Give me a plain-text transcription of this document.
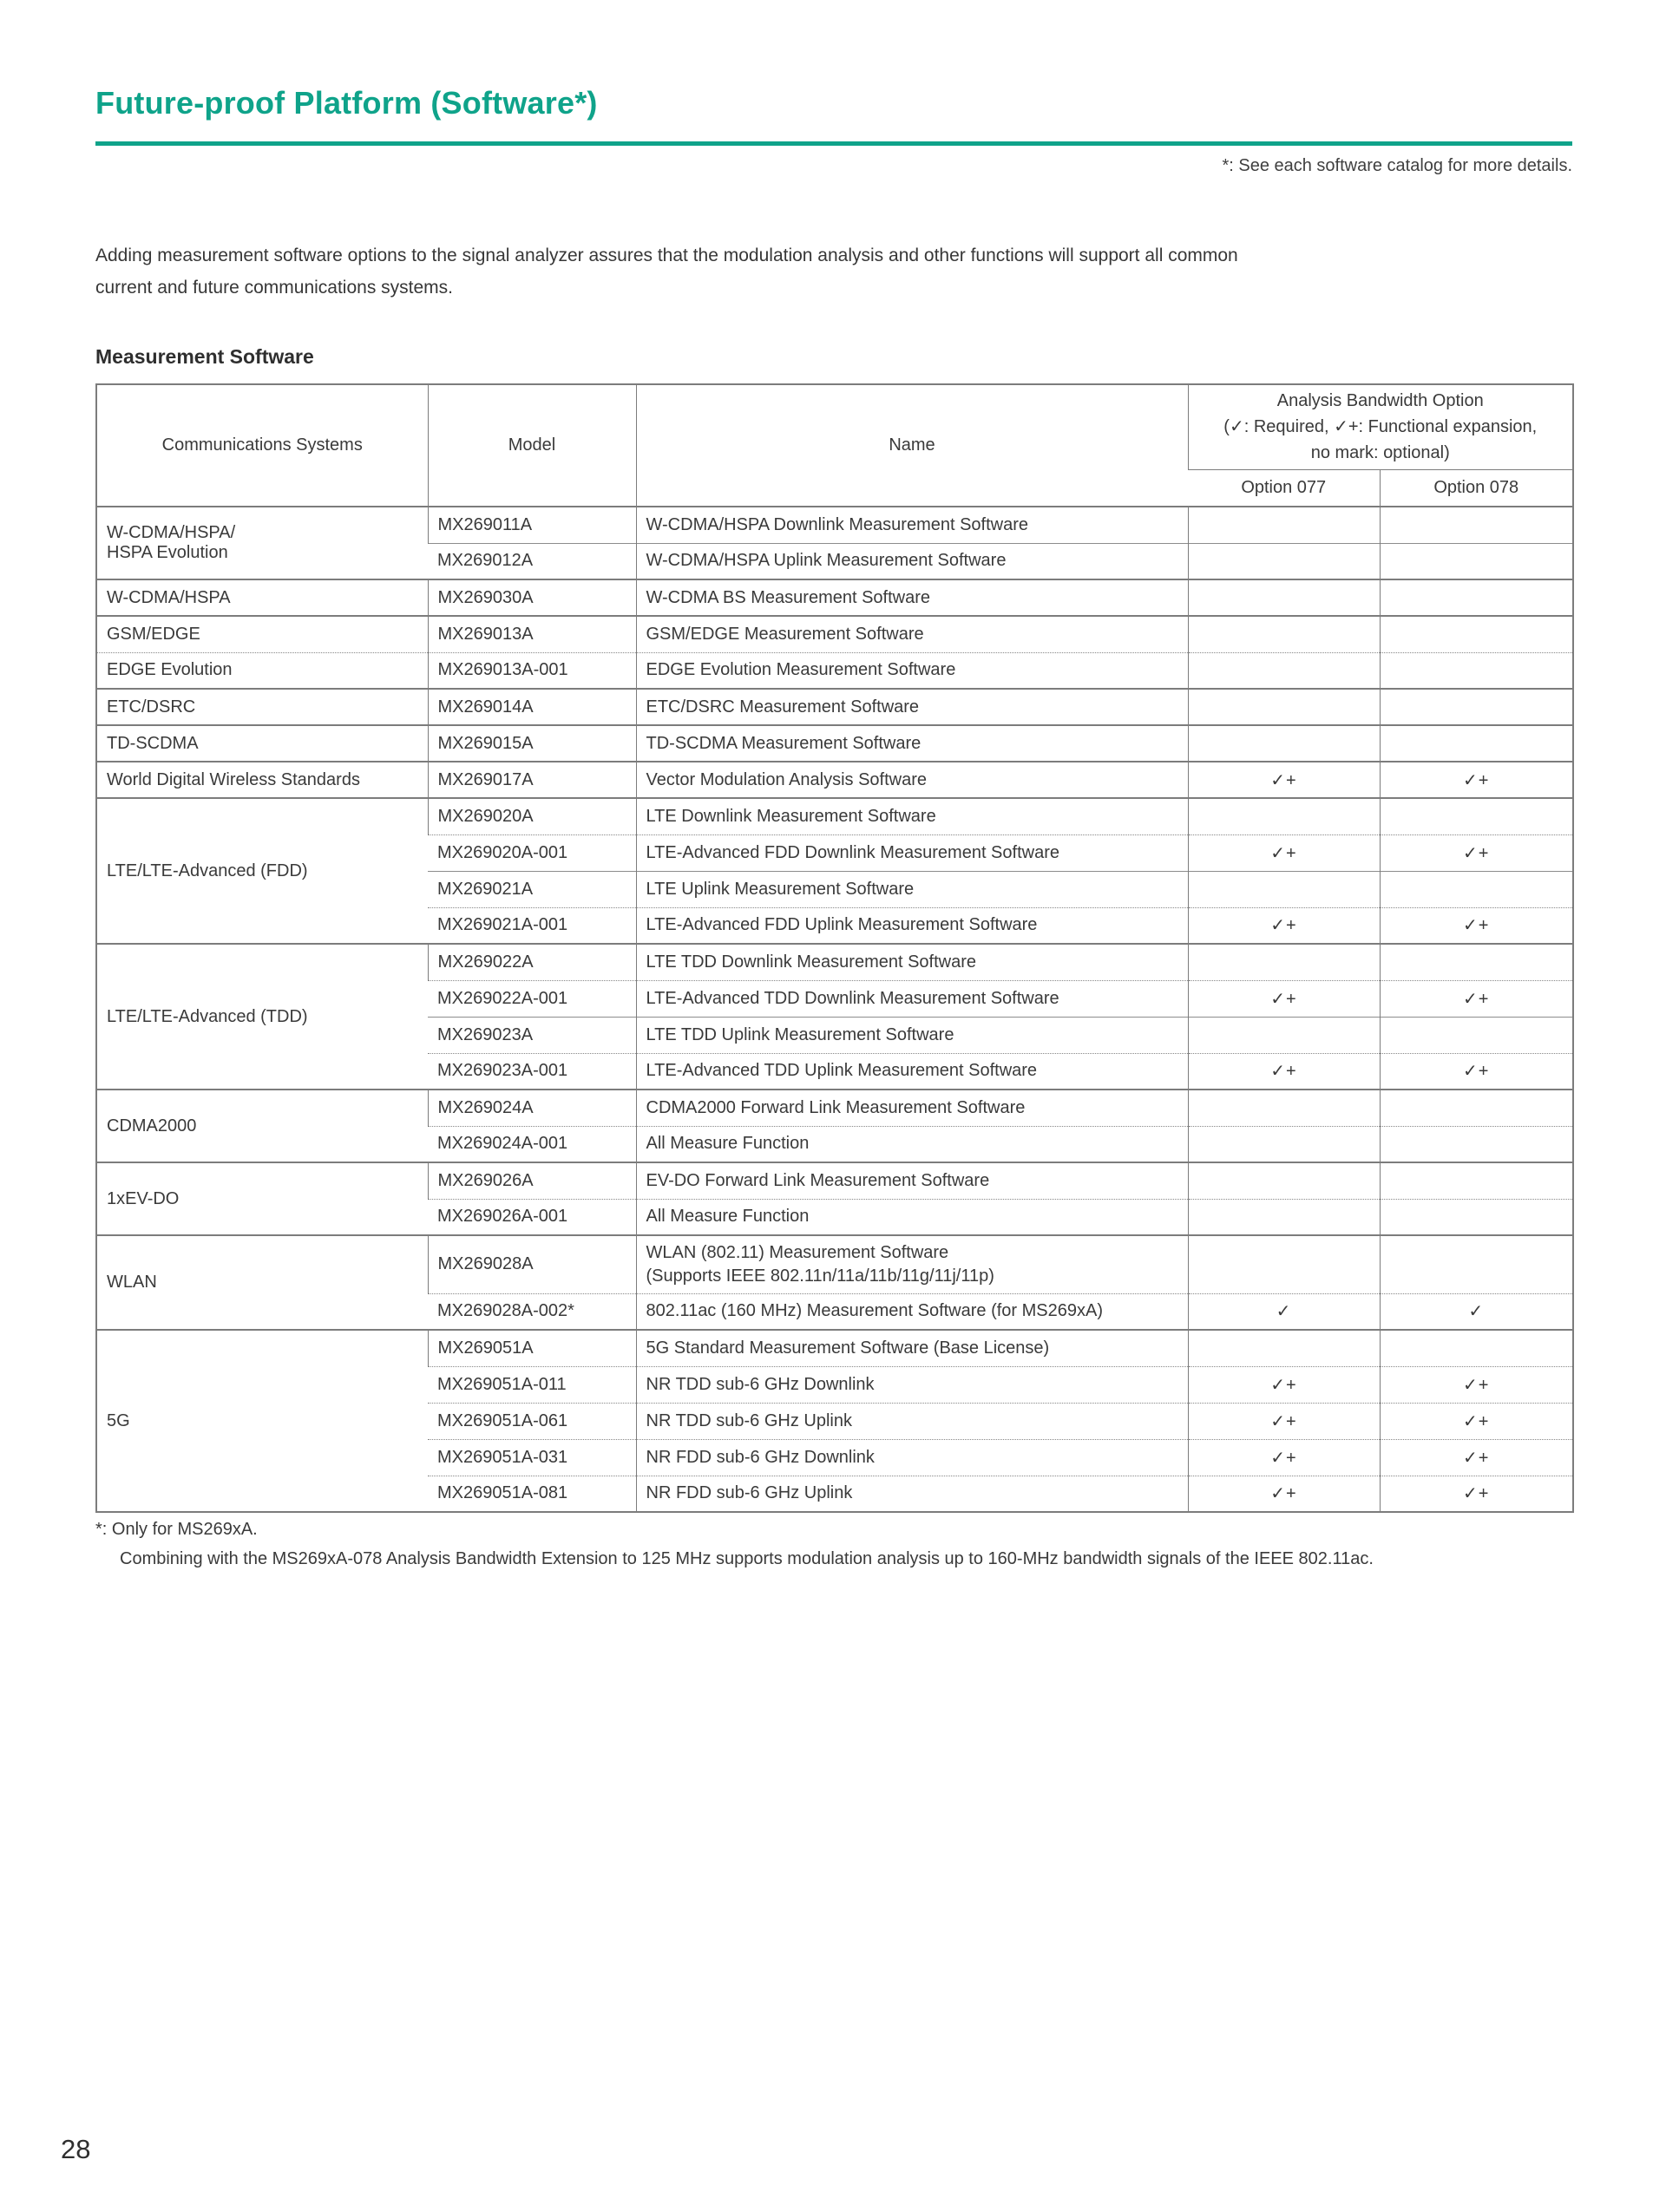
Future-proof Platform (Software*)
*: See each software catalog for more details.

Adding measurement software options to the signal analyzer assures that the modulation analysis and other functions will support all common
current and future communications systems.

Measurement Software
Communications Systems	Model	Name	Analysis Bandwidth Option
(✓: Required, ✓+: Functional expansion,
no mark: optional)	

			Option 077	Option 078

W-CDMA/HSPA/
HSPA Evolution	MX269011A	W-CDMA/HSPA Downlink Measurement Software		
	MX269012A	W-CDMA/HSPA Uplink Measurement Software		
W-CDMA/HSPA	MX269030A	W-CDMA BS Measurement Software		
GSM/EDGE	MX269013A	GSM/EDGE Measurement Software		
EDGE Evolution	MX269013A-001	EDGE Evolution Measurement Software		
ETC/DSRC	MX269014A	ETC/DSRC Measurement Software		
TD-SCDMA	MX269015A	TD-SCDMA Measurement Software		
World Digital Wireless Standards	MX269017A	Vector Modulation Analysis Software	✓+	✓+
LTE/LTE-Advanced (FDD)	MX269020A	LTE Downlink Measurement Software		
	MX269020A-001	LTE-Advanced FDD Downlink Measurement Software	✓+	✓+
	MX269021A	LTE Uplink Measurement Software		
	MX269021A-001	LTE-Advanced FDD Uplink Measurement Software	✓+	✓+
LTE/LTE-Advanced (TDD)	MX269022A	LTE TDD Downlink Measurement Software		
	MX269022A-001	LTE-Advanced TDD Downlink Measurement Software	✓+	✓+
	MX269023A	LTE TDD Uplink Measurement Software		
	MX269023A-001	LTE-Advanced TDD Uplink Measurement Software	✓+	✓+
CDMA2000	MX269024A	CDMA2000 Forward Link Measurement Software		
	MX269024A-001	All Measure Function		
1xEV-DO	MX269026A	EV-DO Forward Link Measurement Software		
	MX269026A-001	All Measure Function		
WLAN	MX269028A	WLAN (802.11) Measurement Software
(Supports IEEE 802.11n/11a/11b/11g/11j/11p)		

	MX269028A-002*	802.11ac (160 MHz) Measurement Software (for MS269xA)	✓	✓
5G	MX269051A	5G Standard Measurement Software (Base License)		
	MX269051A-011	NR TDD sub-6 GHz Downlink	✓+	✓+
	MX269051A-061	NR TDD sub-6 GHz Uplink	✓+	✓+
	MX269051A-031	NR FDD sub-6 GHz Downlink	✓+	✓+
	MX269051A-081	NR FDD sub-6 GHz Uplink	✓+	✓+
*: Only for MS269xA.
Combining with the MS269xA-078 Analysis Bandwidth Extension to 125 MHz supports modulation analysis up to 160-MHz bandwidth signals of the IEEE 802.11ac.
28
